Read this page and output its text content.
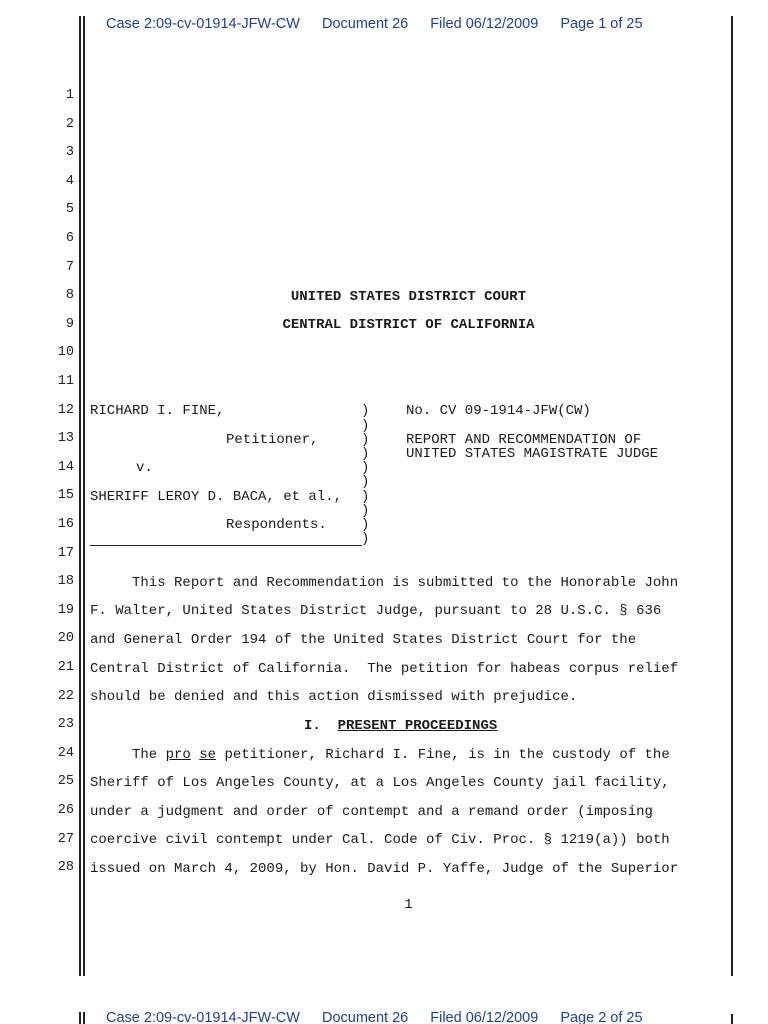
Case 2:09-cv-01914-JFW-CW Document 26 Filed 06/12/2009 Page 1 of 25
1
2
3
4
5
6
7
8
9
10
11
12
13
14
15
16
17
18
19
20
21
22
23
24
25
26
27
28
UNITED STATES DISTRICT COURT
CENTRAL DISTRICT OF CALIFORNIA
RICHARD I. FINE,
Petitioner,
v.
SHERIFF LEROY D. BACA, et al.,
Respondents.
)
)
)
)
)
)
)
)
)
)
No. CV 09-1914-JFW(CW)
REPORT AND RECOMMENDATION OF
UNITED STATES MAGISTRATE JUDGE
This Report and Recommendation is submitted to the Honorable John
F. Walter, United States District Judge, pursuant to 28 U.S.C. § 636
and General Order 194 of the United States District Court for the
Central District of California.  The petition for habeas corpus relief
should be denied and this action dismissed with prejudice.
I. PRESENT PROCEEDINGS
The pro se petitioner, Richard I. Fine, is in the custody of the
Sheriff of Los Angeles County, at a Los Angeles County jail facility,
under a judgment and order of contempt and a remand order (imposing
coercive civil contempt under Cal. Code of Civ. Proc. § 1219(a)) both
issued on March 4, 2009, by Hon. David P. Yaffe, Judge of the Superior
1
Case 2:09-cv-01914-JFW-CW Document 26 Filed 06/12/2009 Page 2 of 25
